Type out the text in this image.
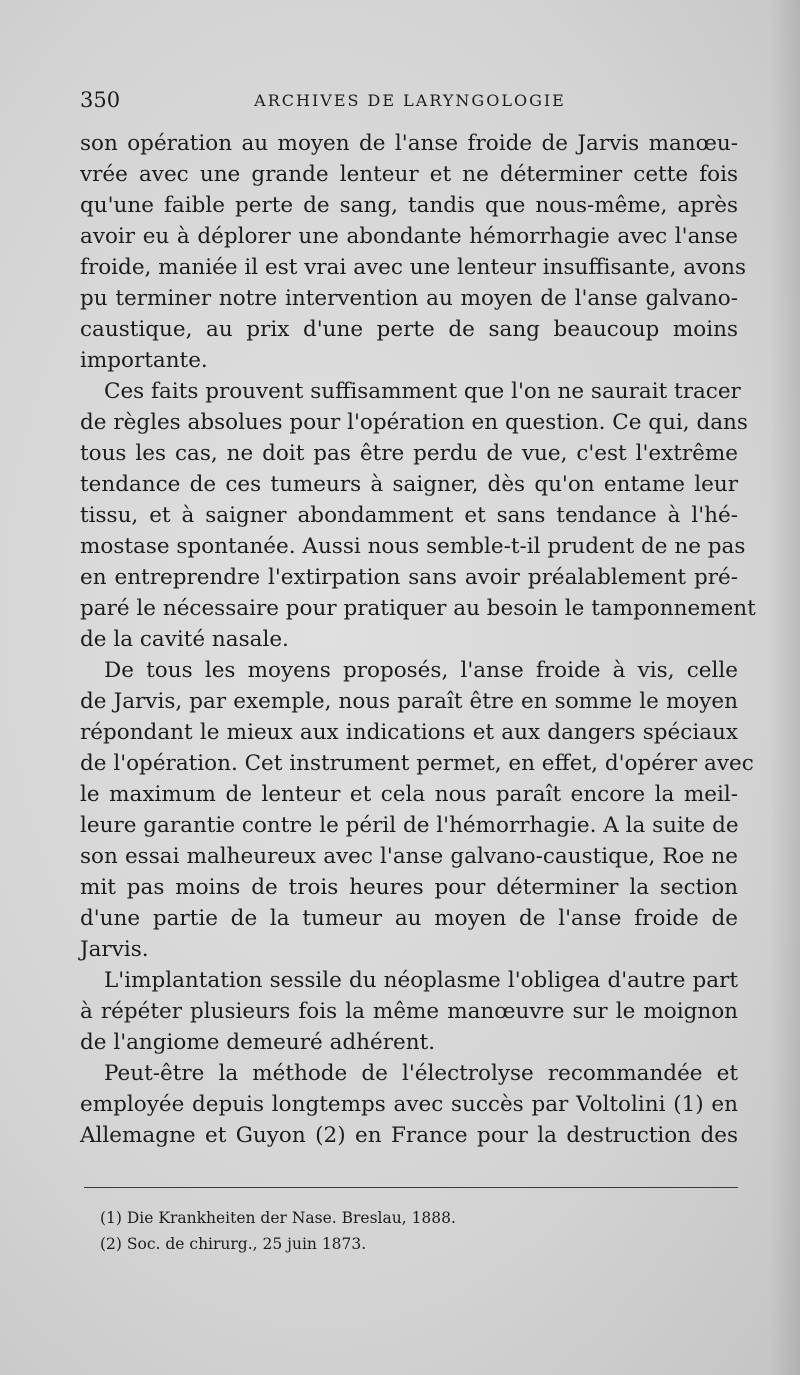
350	ARCHIVES DE LARYNGOLOGIE
son opération au moyen de l'anse froide de Jarvis manœu-
vrée avec une grande lenteur et ne déterminer cette fois
qu'une faible perte de sang, tandis que nous-même, après
avoir eu à déplorer une abondante hémorrhagie avec l'anse
froide, maniée il est vrai avec une lenteur insuffisante, avons
pu terminer notre intervention au moyen de l'anse galvano-
caustique, au prix d'une perte de sang beaucoup moins
importante.
Ces faits prouvent suffisamment que l'on ne saurait tracer
de règles absolues pour l'opération en question. Ce qui, dans
tous les cas, ne doit pas être perdu de vue, c'est l'extrême
tendance de ces tumeurs à saigner, dès qu'on entame leur
tissu, et à saigner abondamment et sans tendance à l'hé-
mostase spontanée. Aussi nous semble-t-il prudent de ne pas
en entreprendre l'extirpation sans avoir préalablement pré-
paré le nécessaire pour pratiquer au besoin le tamponnement
de la cavité nasale.
De tous les moyens proposés, l'anse froide à vis, celle
de Jarvis, par exemple, nous paraît être en somme le moyen
répondant le mieux aux indications et aux dangers spéciaux
de l'opération. Cet instrument permet, en effet, d'opérer avec
le maximum de lenteur et cela nous paraît encore la meil-
leure garantie contre le péril de l'hémorrhagie. A la suite de
son essai malheureux avec l'anse galvano-caustique, Roe ne
mit pas moins de trois heures pour déterminer la section
d'une partie de la tumeur au moyen de l'anse froide de
Jarvis.
L'implantation sessile du néoplasme l'obligea d'autre part
à répéter plusieurs fois la même manœuvre sur le moignon
de l'angiome demeuré adhérent.
Peut-être la méthode de l'électrolyse recommandée et
employée depuis longtemps avec succès par Voltolini (1) en
Allemagne et Guyon (2) en France pour la destruction des
(1) Die Krankheiten der Nase. Breslau, 1888.
(2) Soc. de chirurg., 25 juin 1873.
